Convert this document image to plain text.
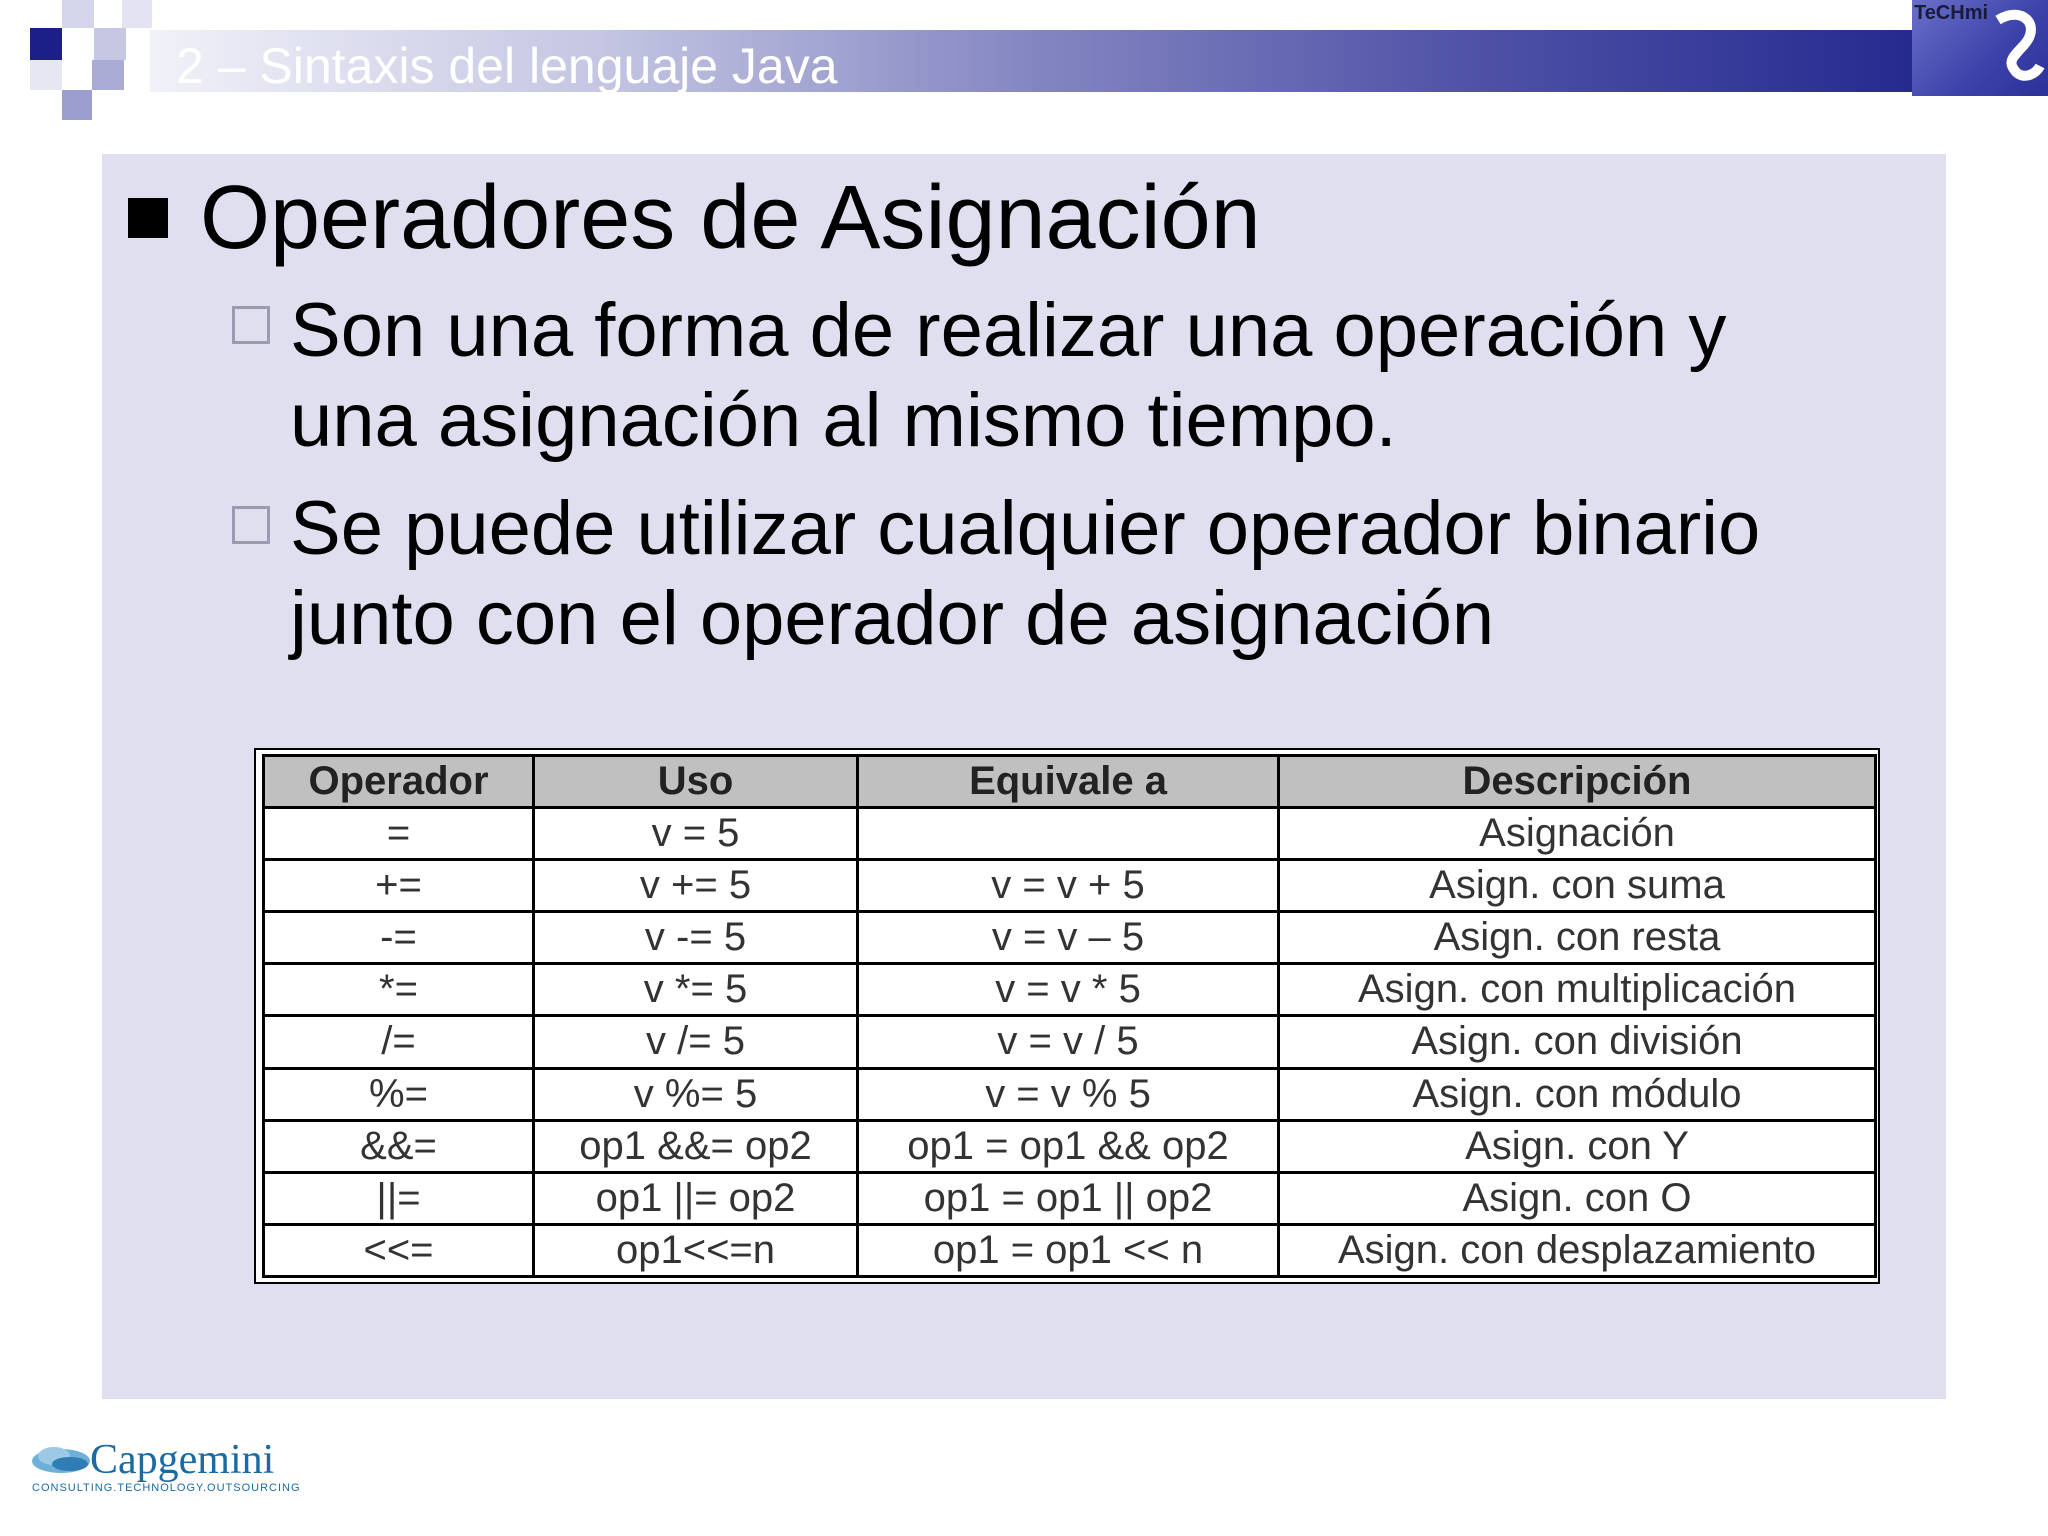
2 – Sintaxis del lenguaje Java
TeCHmi
Operadores de Asignación
Son una forma de realizar una operación y
una asignación al mismo tiempo.
Se puede utilizar cualquier operador binario
junto con el operador de asignación
Operador	Uso	Equivale a	Descripción
=	v = 5		Asignación
+=	v += 5	v = v + 5	Asign. con suma
-=	v -= 5	v = v – 5	Asign. con resta
*=	v *= 5	v = v * 5	Asign. con multiplicación
/=	v /= 5	v = v / 5	Asign. con división
%=	v %= 5	v = v % 5	Asign. con módulo
&&=	op1 &&= op2	op1 = op1 && op2	Asign. con Y
||=	op1 ||= op2	op1 = op1 || op2	Asign. con O
<<=	op1<<=n	op1 = op1 << n	Asign. con desplazamiento
Capgemini
CONSULTING.TECHNOLOGY.OUTSOURCING
